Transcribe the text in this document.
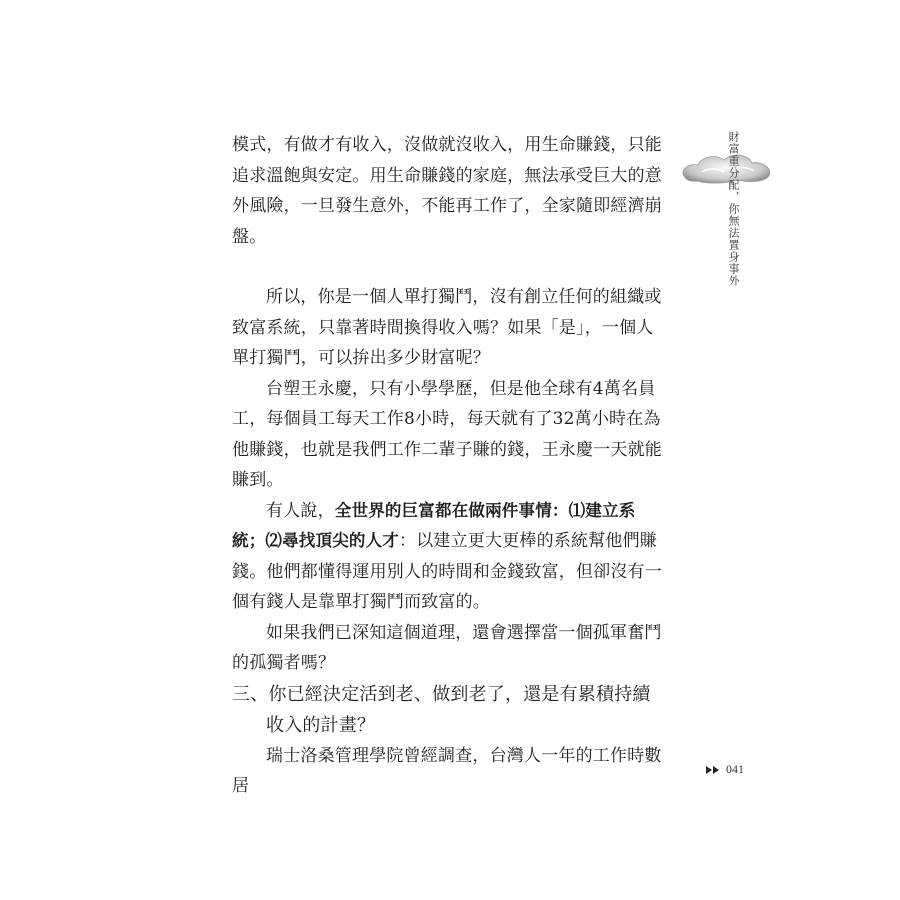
模式，有做才有收入，沒做就沒收入，用生命賺錢，只能追求溫飽與安定。用生命賺錢的家庭，無法承受巨大的意外風險，一旦發生意外，不能再工作了，全家隨即經濟崩盤。

所以，你是一個人單打獨鬥，沒有創立任何的組織或致富系統，只靠著時間換得收入嗎？如果「是」，一個人單打獨鬥，可以拚出多少財富呢？

台塑王永慶，只有小學學歷，但是他全球有4萬名員工，每個員工每天工作8小時，每天就有了32萬小時在為他賺錢，也就是我們工作二輩子賺的錢，王永慶一天就能賺到。

有人說，全世界的巨富都在做兩件事情：⑴建立系統；⑵尋找頂尖的人才：以建立更大更棒的系統幫他們賺錢。他們都懂得運用別人的時間和金錢致富，但卻沒有一個有錢人是靠單打獨鬥而致富的。

如果我們已深知這個道理，還會選擇當一個孤軍奮鬥的孤獨者嗎？

三、你已經決定活到老、做到老了，還是有累積持續收入的計畫？

瑞士洛桑管理學院曾經調查，台灣人一年的工作時數居

財富重分配，你無法置身事外
041
